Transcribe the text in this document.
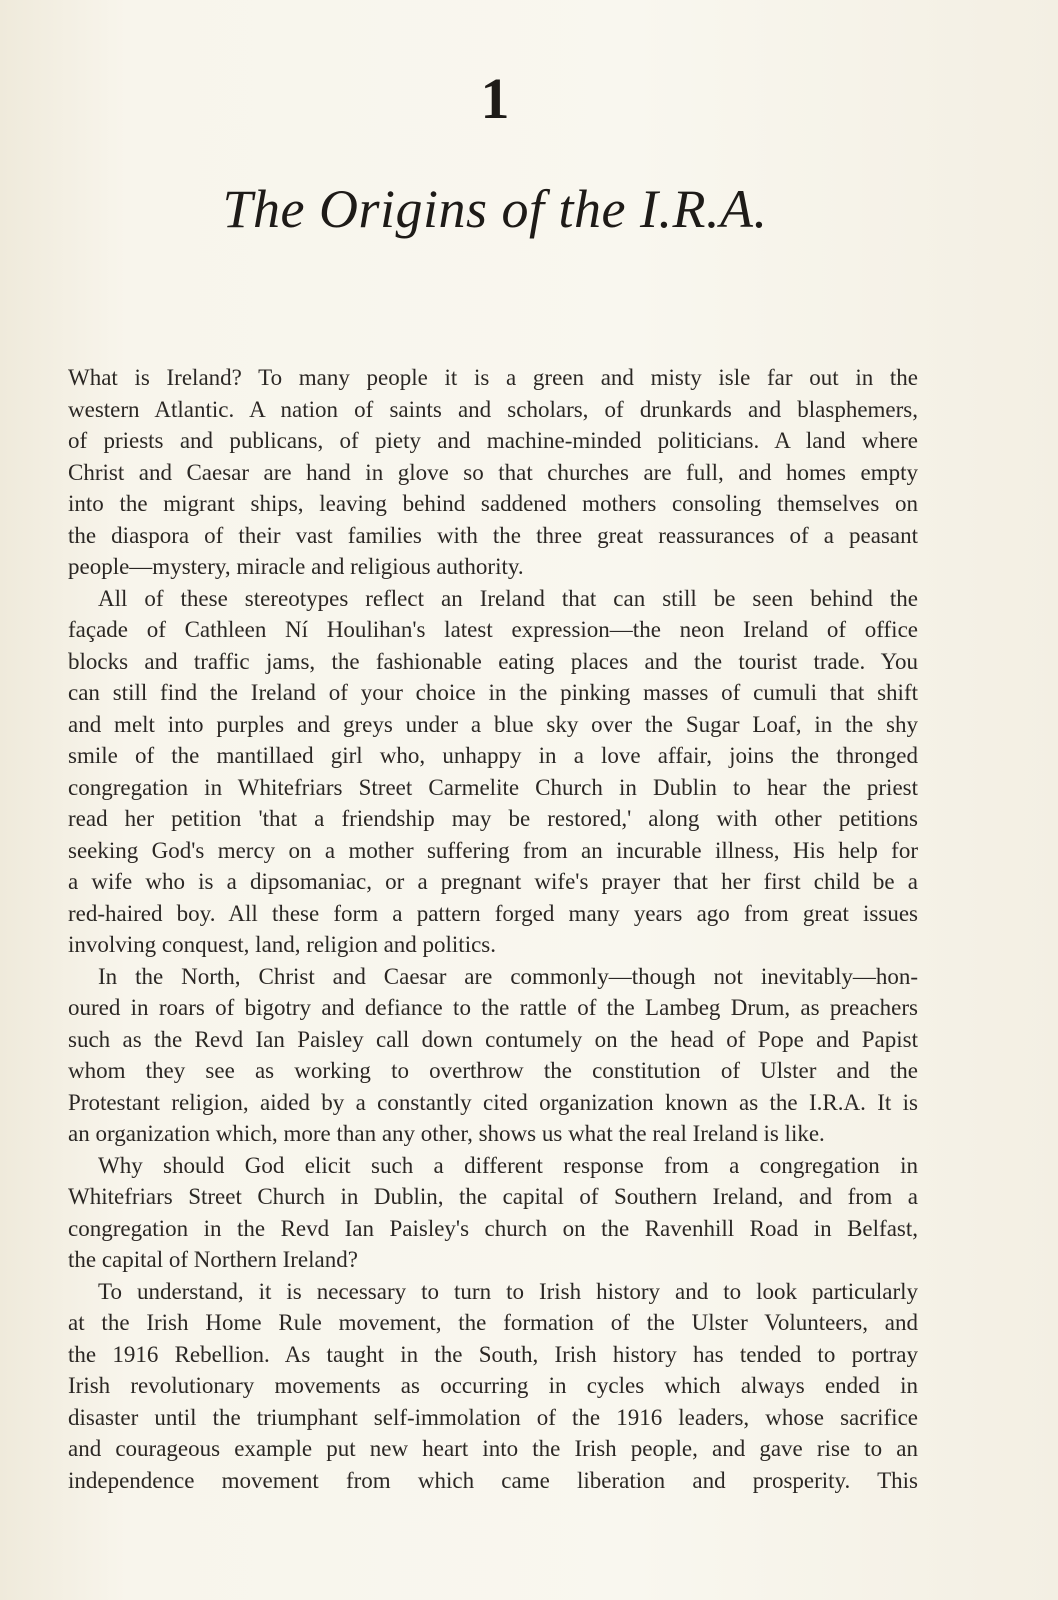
1
The Origins of the I.R.A.

What is Ireland? To many people it is a green and misty isle far out in the
western Atlantic. A nation of saints and scholars, of drunkards and blasphemers,
of priests and publicans, of piety and machine-minded politicians. A land where
Christ and Caesar are hand in glove so that churches are full, and homes empty
into the migrant ships, leaving behind saddened mothers consoling themselves on
the diaspora of their vast families with the three great reassurances of a peasant
people—mystery, miracle and religious authority.

All of these stereotypes reflect an Ireland that can still be seen behind the
façade of Cathleen Ní Houlihan's latest expression—the neon Ireland of office
blocks and traffic jams, the fashionable eating places and the tourist trade. You
can still find the Ireland of your choice in the pinking masses of cumuli that shift
and melt into purples and greys under a blue sky over the Sugar Loaf, in the shy
smile of the mantillaed girl who, unhappy in a love affair, joins the thronged
congregation in Whitefriars Street Carmelite Church in Dublin to hear the priest
read her petition 'that a friendship may be restored,' along with other petitions
seeking God's mercy on a mother suffering from an incurable illness, His help for
a wife who is a dipsomaniac, or a pregnant wife's prayer that her first child be a
red-haired boy. All these form a pattern forged many years ago from great issues
involving conquest, land, religion and politics.

In the North, Christ and Caesar are commonly—though not inevitably—hon-
oured in roars of bigotry and defiance to the rattle of the Lambeg Drum, as preachers
such as the Revd Ian Paisley call down contumely on the head of Pope and Papist
whom they see as working to overthrow the constitution of Ulster and the
Protestant religion, aided by a constantly cited organization known as the I.R.A. It is
an organization which, more than any other, shows us what the real Ireland is like.

Why should God elicit such a different response from a congregation in
Whitefriars Street Church in Dublin, the capital of Southern Ireland, and from a
congregation in the Revd Ian Paisley's church on the Ravenhill Road in Belfast,
the capital of Northern Ireland?

To understand, it is necessary to turn to Irish history and to look particularly
at the Irish Home Rule movement, the formation of the Ulster Volunteers, and
the 1916 Rebellion. As taught in the South, Irish history has tended to portray
Irish revolutionary movements as occurring in cycles which always ended in
disaster until the triumphant self-immolation of the 1916 leaders, whose sacrifice
and courageous example put new heart into the Irish people, and gave rise to an
independence movement from which came liberation and prosperity. This
